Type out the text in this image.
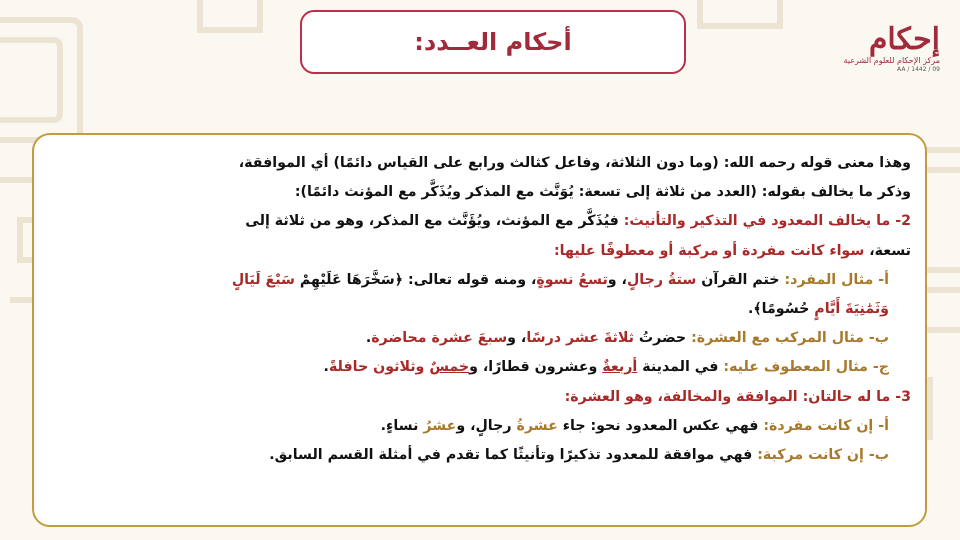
أحكام العــدد:	إحكام
مركز الإحكام للعلوم الشرعية
AA / 1442 / 09
وهذا معنى قوله رحمه الله: (وما دون الثلاثة، وفاعل كثالث ورابع على القياس دائمًا) أي الموافقة،
وذكر ما يخالف بقوله: (العدد من ثلاثة إلى تسعة: يُوَنَّث مع المذكر ويُذَكَّر مع المؤنث دائمًا):
2- ما يخالف المعدود في التذكير والتأنيث: فيُذَكَّر مع المؤنث، ويُؤَنَّث مع المذكر، وهو من ثلاثة إلى
تسعة، سواء كانت مفردة أو مركبة أو معطوفًا عليها:
أ- مثال المفرد: ختم القرآن ستةُ رجالٍ، وتسعُ نسوةٍ، ومنه قوله تعالى: ﴿سَخَّرَهَا عَلَيْهِمْ سَبْعَ لَيَالٍ
وَثَمَٰنِيَةَ أَيَّامٍ حُسُومًا﴾.
ب- مثال المركب مع العشرة: حضرتُ ثلاثةَ عشر درسًا، وسبعَ عشرة محاضرة.
ج- مثال المعطوف عليه: في المدينة أربعةٌ وعشرون قطارًا، وخمسٌ وثلاثون حافلةً.
3- ما له حالتان: الموافقة والمخالفة، وهو العشرة:
أ- إن كانت مفردة: فهي عكس المعدود نحو: جاء عشرةُ رجالٍ، وعشرُ نساءٍ.
ب- إن كانت مركبة: فهي موافقة للمعدود تذكيرًا وتأنيثًا كما تقدم في أمثلة القسم السابق.
